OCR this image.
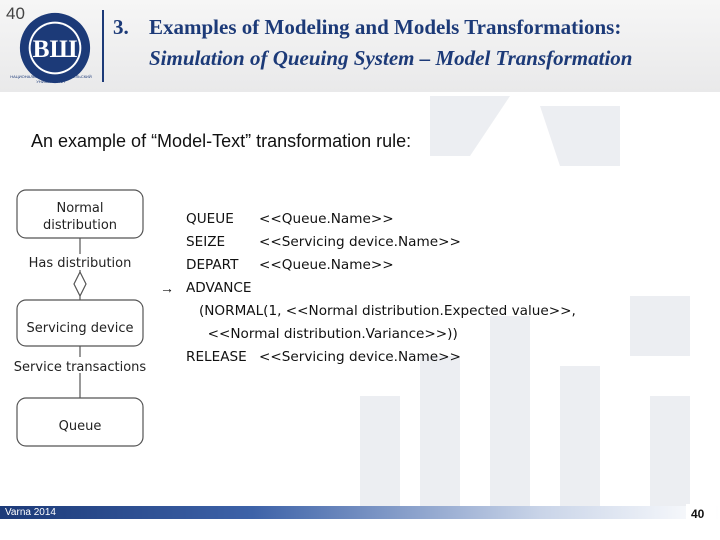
40
ВШ
НАЦИОНАЛЬНЫЙ ИССЛЕДОВАТЕЛЬСКИЙ УНИВЕРСИТЕТ
3. Examples of Modeling and Models Transformations:
Simulation of Queuing System – Model Transformation
An example of “Model-Text” transformation rule:
Normal
distribution
Has distribution
Servicing device
Service transactions
Queue
→
QUEUE <<Queue.Name>>
SEIZE <<Servicing device.Name>>
DEPART <<Queue.Name>>
ADVANCE
(NORMAL(1, <<Normal distribution.Expected value>>,
<<Normal distribution.Variance>>))
RELEASE <<Servicing device.Name>>
Varna 2014	40
